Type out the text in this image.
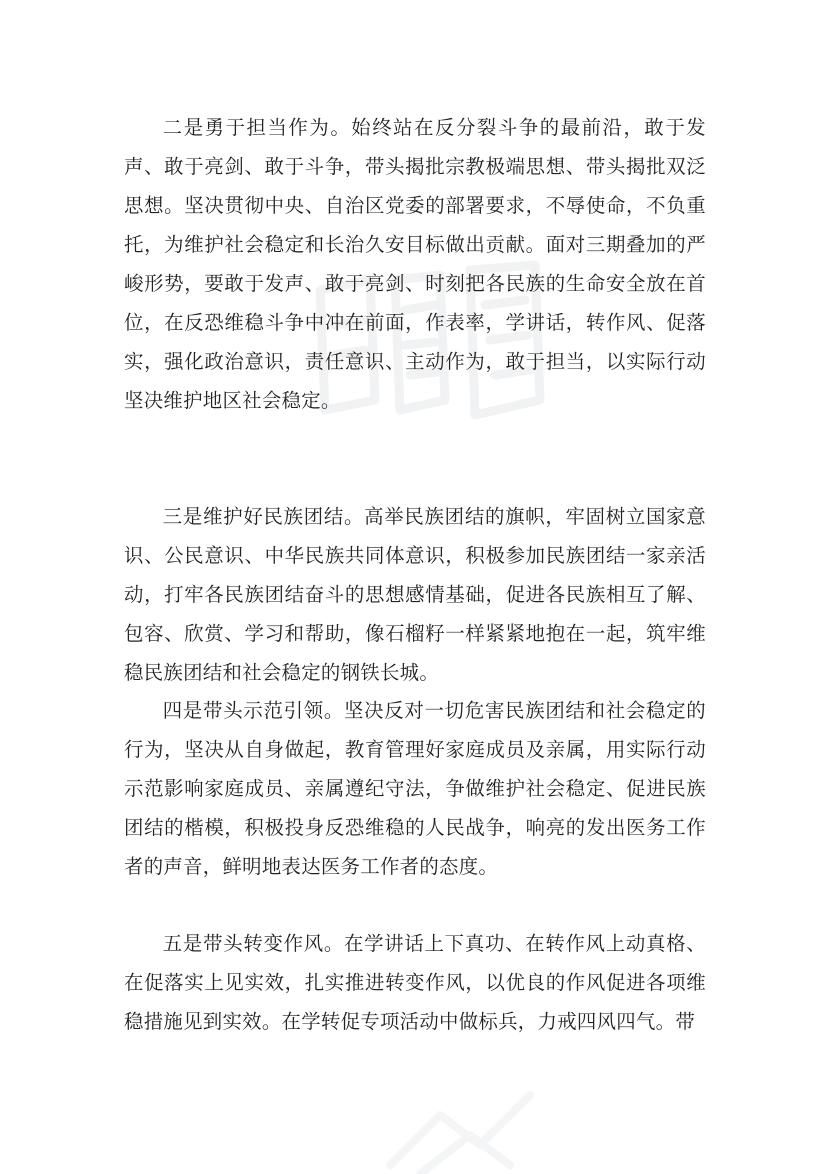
二是勇于担当作为。始终站在反分裂斗争的最前沿，敢于发声、敢于亮剑、敢于斗争，带头揭批宗教极端思想、带头揭批双泛思想。坚决贯彻中央、自治区党委的部署要求，不辱使命，不负重托，为维护社会稳定和长治久安目标做出贡献。面对三期叠加的严峻形势，要敢于发声、敢于亮剑、时刻把各民族的生命安全放在首位，在反恐维稳斗争中冲在前面，作表率，学讲话，转作风、促落实，强化政治意识，责任意识、主动作为，敢于担当，以实际行动坚决维护地区社会稳定。

三是维护好民族团结。高举民族团结的旗帜，牢固树立国家意识、公民意识、中华民族共同体意识，积极参加民族团结一家亲活动，打牢各民族团结奋斗的思想感情基础，促进各民族相互了解、包容、欣赏、学习和帮助，像石榴籽一样紧紧地抱在一起，筑牢维稳民族团结和社会稳定的钢铁长城。

四是带头示范引领。坚决反对一切危害民族团结和社会稳定的行为，坚决从自身做起，教育管理好家庭成员及亲属，用实际行动示范影响家庭成员、亲属遵纪守法，争做维护社会稳定、促进民族团结的楷模，积极投身反恐维稳的人民战争，响亮的发出医务工作者的声音，鲜明地表达医务工作者的态度。

五是带头转变作风。在学讲话上下真功、在转作风上动真格、在促落实上见实效，扎实推进转变作风，以优良的作风促进各项维稳措施见到实效。在学转促专项活动中做标兵，力戒四风四气。带
